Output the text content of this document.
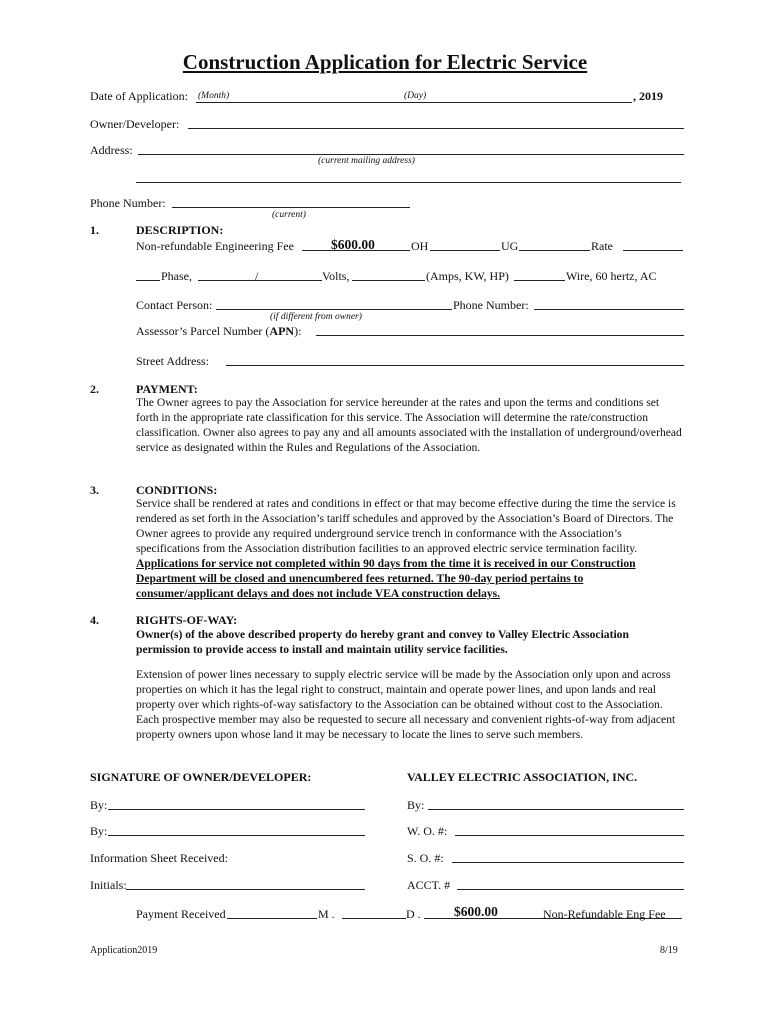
Construction Application for Electric Service
Date of Application: (Month)	(Day)	, 2019
Owner/Developer:
Address:
(current mailing address)
Phone Number:
(current)
1.	DESCRIPTION:
Non-refundable Engineering Fee	$600.00	OH	UG	Rate
Phase,	/	Volts,	(Amps, KW, HP)	Wire, 60 hertz, AC
Contact Person:	Phone Number:
(if different from owner)
Assessor’s Parcel Number (APN):
Street Address:
2.	PAYMENT:

The Owner agrees to pay the Association for service hereunder at the rates and upon the terms and conditions set forth in the appropriate rate classification for this service. The Association will determine the rate/construction classification. Owner also agrees to pay any and all amounts associated with the installation of underground/overhead service as designated within the Rules and Regulations of the Association.

3.	CONDITIONS:

Service shall be rendered at rates and conditions in effect or that may become effective during the time the service is rendered as set forth in the Association’s tariff schedules and approved by the Association’s Board of Directors. The Owner agrees to provide any required underground service trench in conformance with the Association’s specifications from the Association distribution facilities to an approved electric service termination facility. Applications for service not completed within 90 days from the time it is received in our Construction Department will be closed and unencumbered fees returned. The 90-day period pertains to consumer/applicant delays and does not include VEA construction delays.

4.	RIGHTS-OF-WAY:

Owner(s) of the above described property do hereby grant and convey to Valley Electric Association permission to provide access to install and maintain utility service facilities.

Extension of power lines necessary to supply electric service will be made by the Association only upon and across properties on which it has the legal right to construct, maintain and operate power lines, and upon lands and real property over which rights-of-way satisfactory to the Association can be obtained without cost to the Association. Each prospective member may also be requested to secure all necessary and convenient rights-of-way from adjacent property owners upon whose land it may be necessary to locate the lines to serve such members.

SIGNATURE OF OWNER/DEVELOPER:	VALLEY ELECTRIC ASSOCIATION, INC.
By:	By:
By:	W. O. #:
Information Sheet Received:	S. O. #:
Initials:	ACCT. #
Payment Received	M .	D . $600.00	Non-Refundable Eng Fee
Application2019	8/19
